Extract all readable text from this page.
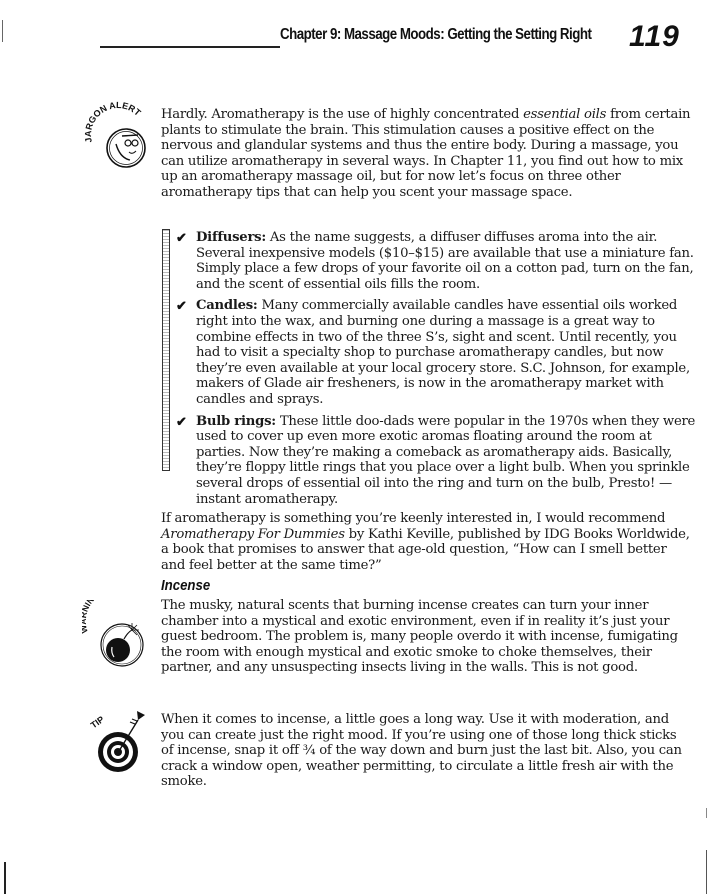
Chapter 9: Massage Moods: Getting the Setting Right 119
JARGON ALERT Hardly. Aromatherapy is the use of highly concentrated essential oils from certain plants to stimulate the brain. This stimulation causes a positive effect on the nervous and glandular systems and thus the entire body. During a massage, you can utilize aromatherapy in several ways. In Chapter 11, you find out how to mix up an aromatherapy massage oil, but for now let’s focus on three other aromatherapy tips that can help you scent your massage space.
✔ Diffusers: As the name suggests, a diffuser diffuses aroma into the air. Several inexpensive models ($10–$15) are available that use a miniature fan. Simply place a few drops of your favorite oil on a cotton pad, turn on the fan, and the scent of essential oils fills the room.
✔ Candles: Many commercially available candles have essential oils worked right into the wax, and burning one during a massage is a great way to combine effects in two of the three S’s, sight and scent. Until recently, you had to visit a specialty shop to purchase aromatherapy candles, but now they’re even available at your local grocery store. S.C. Johnson, for example, makers of Glade air fresheners, is now in the aromatherapy market with candles and sprays.
✔ Bulb rings: These little doo-dads were popular in the 1970s when they were used to cover up even more exotic aromas floating around the room at parties. Now they’re making a comeback as aromatherapy aids. Basically, they’re floppy little rings that you place over a light bulb. When you sprinkle several drops of essential oil into the ring and turn on the bulb, Presto! — instant aromatherapy.
If aromatherapy is something you’re keenly interested in, I would recommend Aromatherapy For Dummies by Kathi Keville, published by IDG Books Worldwide, a book that promises to answer that age-old question, “How can I smell better and feel better at the same time?”
Incense
IN	The musky, natural scents that burning incense creates can turn your inner chamber into a mystical and exotic environment, even if in reality it’s just your guest bedroom. The problem is, many people overdo it with incense, fumigating the room with enough mystical and exotic smoke to choke themselves, their partner, and any unsuspecting insects living in the walls. This is not good.
TIP	When it comes to incense, a little goes a long way. Use it with moderation, and you can create just the right mood. If you’re using one of those long thick sticks of incense, snap it off ¾ of the way down and burn just the last bit. Also, you can crack a window open, weather permitting, to circulate a little fresh air with the smoke.
